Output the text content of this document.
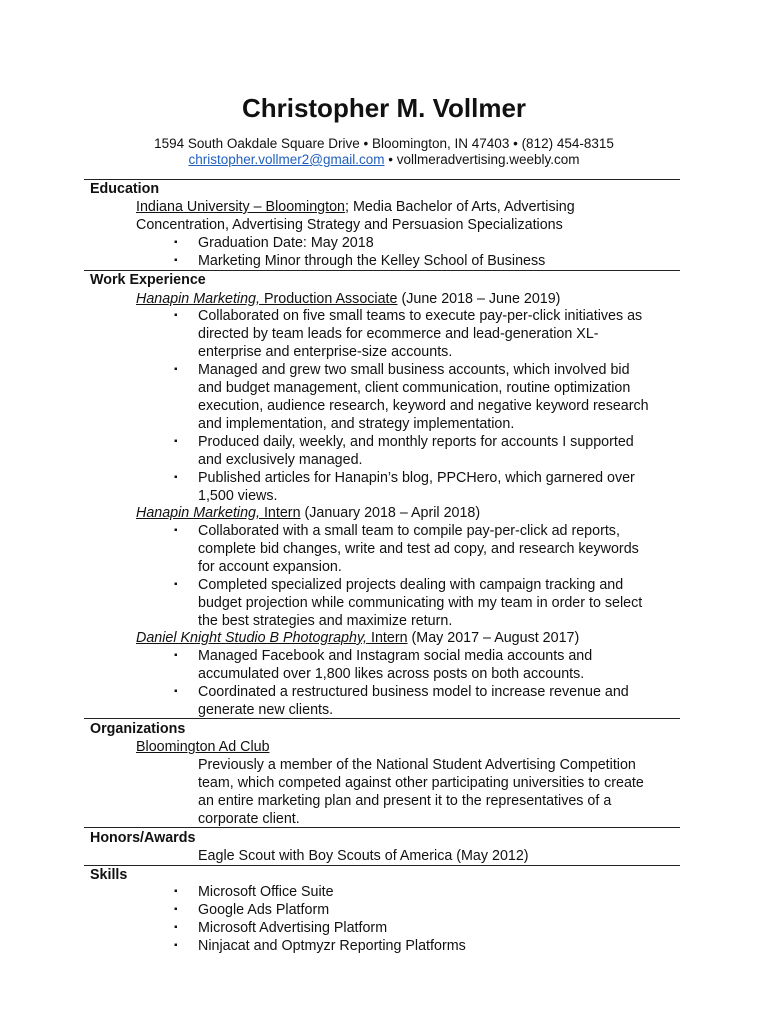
Christopher M. Vollmer
1594 South Oakdale Square Drive • Bloomington, IN 47403 • (812) 454-8315
christopher.vollmer2@gmail.com • vollmeradvertising.weebly.com
Education
Indiana University – Bloomington; Media Bachelor of Arts, Advertising
Concentration, Advertising Strategy and Persuasion Specializations
▪ Graduation Date: May 2018
▪ Marketing Minor through the Kelley School of Business
Work Experience
Hanapin Marketing, Production Associate (June 2018 – June 2019)
▪ Collaborated on five small teams to execute pay-per-click initiatives as
directed by team leads for ecommerce and lead-generation XL-
enterprise and enterprise-size accounts.
▪ Managed and grew two small business accounts, which involved bid
and budget management, client communication, routine optimization
execution, audience research, keyword and negative keyword research
and implementation, and strategy implementation.
▪ Produced daily, weekly, and monthly reports for accounts I supported
and exclusively managed.
▪ Published articles for Hanapin’s blog, PPCHero, which garnered over
1,500 views.
Hanapin Marketing, Intern (January 2018 – April 2018)
▪ Collaborated with a small team to compile pay-per-click ad reports,
complete bid changes, write and test ad copy, and research keywords
for account expansion.
▪ Completed specialized projects dealing with campaign tracking and
budget projection while communicating with my team in order to select
the best strategies and maximize return.
Daniel Knight Studio B Photography, Intern (May 2017 – August 2017)
▪ Managed Facebook and Instagram social media accounts and
accumulated over 1,800 likes across posts on both accounts.
▪ Coordinated a restructured business model to increase revenue and
generate new clients.
Organizations
Bloomington Ad Club
Previously a member of the National Student Advertising Competition
team, which competed against other participating universities to create
an entire marketing plan and present it to the representatives of a
corporate client.
Honors/Awards
Eagle Scout with Boy Scouts of America (May 2012)
Skills
▪ Microsoft Office Suite
▪ Google Ads Platform
▪ Microsoft Advertising Platform
▪ Ninjacat and Optmyzr Reporting Platforms
